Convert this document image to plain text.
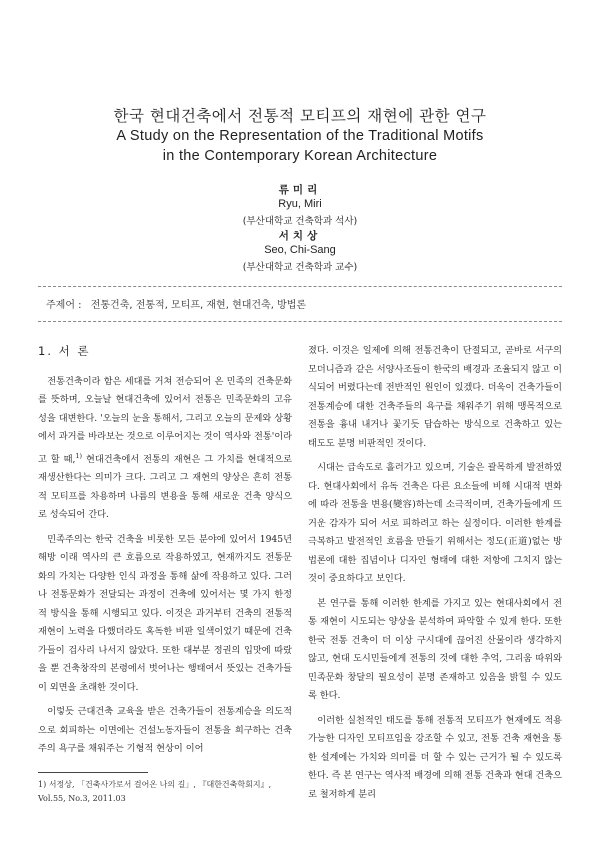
한국 현대건축에서 전통적 모티프의 재현에 관한 연구
A Study on the Representation of the Traditional Motifs
in the Contemporary Korean Architecture
류미리
Ryu, Miri
(부산대학교 건축학과 석사)
서치상
Seo, Chi-Sang
(부산대학교 건축학과 교수)
주제어 : 전통건축, 전통적, 모티프, 재현, 현대건축, 방법론
1. 서 론

전통건축이라 함은 세대를 거쳐 전승되어 온 민족의 건축문화를 뜻하며, 오늘날 현대건축에 있어서 전통은 민족문화의 고유성을 대변한다. '오늘의 눈을 통해서, 그리고 오늘의 문제와 상황에서 과거를 바라보는 것으로 이루어지는 것이 역사와 전통'이라고 할 때,$^{1)}$ 현대건축에서 전통의 재현은 그 가치를 현대적으로 재생산한다는 의미가 크다. 그리고 그 재현의 양상은 흔히 전통적 모티프를 차용하며 나름의 변용을 통해 새로운 건축 양식으로 성숙되어 간다.

민족주의는 한국 건축을 비롯한 모든 분야에 있어서 1945년 해방 이래 역사의 큰 흐름으로 작용하였고, 현재까지도 전통문화의 가치는 다양한 인식 과정을 통해 삶에 작용하고 있다. 그러나 전통문화가 전달되는 과정이 건축에 있어서는 몇 가지 한정적 방식을 통해 시행되고 있다. 이것은 과거부터 건축의 전통적 재현이 노력을 다했더라도 혹독한 비판 일색이었기 때문에 건축가들이 겁사리 나서지 않았다. 또한 대부분 정권의 입맛에 따랐을 뿐 건축창작의 본령에서 벗어나는 행태여서 뜻있는 건축가들이 외면을 초래한 것이다.

이렇듯 근대건축 교육을 받은 건축가들이 전통계승을 의도적으로 회피하는 이면에는 건설노동자들이 전통을 희구하는 건축주의 욕구를 채워주는 기형적 현상이 이어

졌다. 이것은 일제에 의해 전통건축이 단절되고, 곧바로 서구의 모더니즘과 같은 서양사조들이 한국의 배경과 조율되지 않고 이식되어 버렸다는데 전반적인 원인이 있겠다. 더욱이 건축가들이 전통계승에 대한 건축주들의 욕구를 채워주기 위해 맹목적으로 전통을 흉내 내거나 꽃기듯 답습하는 방식으로 건축하고 있는 태도도 분명 비판적인 것이다.

시대는 급속도로 흘러가고 있으며, 기술은 괄목하게 발전하였다. 현대사회에서 유독 건축은 다른 요소들에 비해 시대적 변화에 따라 전통을 변용(變容)하는데 소극적이며, 건축가들에게 뜨거운 감자가 되어 서로 피하려고 하는 실정이다. 이러한 한계를 극복하고 발전적인 흐름을 만들기 위해서는 정도(正道)없는 방법론에 대한 집념이나 디자인 형태에 대한 저항에 그치지 않는 것이 중요하다고 보인다.

본 연구를 통해 이러한 한계를 가지고 있는 현대사회에서 전통 재현이 시도되는 양상을 분석하여 파악할 수 있게 한다. 또한 한국 전통 건축이 더 이상 구시대에 끊어진 산물이라 생각하지 않고, 현대 도시민들에게 전통의 것에 대한 추억, 그리움 따위와 민족문화 창달의 필요성이 분명 존재하고 있음을 밝힐 수 있도록 한다.

이러한 실천적인 태도를 통해 전통적 모티프가 현재에도 적용 가능한 디자인 모티프임을 강조할 수 있고, 전통 건축 재현을 통한 설계에는 가치와 의미를 더 할 수 있는 근거가 될 수 있도록 한다. 즉 본 연구는 역사적 배경에 의해 전통 건축과 현대 건축으로 철저하게 분리

1) 서정상, 「건축사가로서 걸어온 나의 길」, 『대한건축학회지』, Vol.55, No.3, 2011.03
